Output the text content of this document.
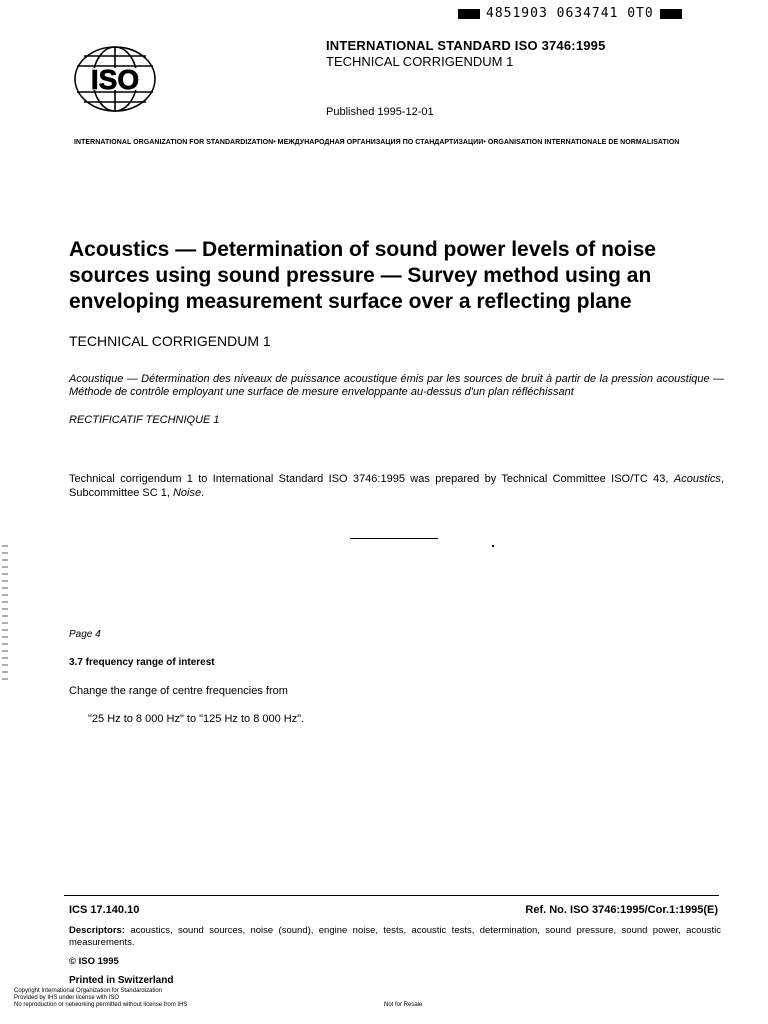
4851903 0634741 0T0
ISO
INTERNATIONAL STANDARD ISO 3746:1995
TECHNICAL CORRIGENDUM 1
Published 1995-12-01
INTERNATIONAL ORGANIZATION FOR STANDARDIZATION• МЕЖДУНАРОДНАЯ ОРГАНИЗАЦИЯ ПО СТАНДАРТИЗАЦИИ• ORGANISATION INTERNATIONALE DE NORMALISATION
Acoustics — Determination of sound power levels of noise
sources using sound pressure — Survey method using an
enveloping measurement surface over a reflecting plane
TECHNICAL CORRIGENDUM 1
Acoustique — Détermination des niveaux de puissance acoustique émis par les sources de bruit à partir de la pression acoustique — Méthode de contrôle employant une surface de mesure enveloppante au-dessus d'un plan réfléchissant
RECTIFICATIF TECHNIQUE 1
Technical corrigendum 1 to International Standard ISO 3746:1995 was prepared by Technical Committee ISO/TC 43, Acoustics, Subcommittee SC 1, Noise.
Page 4
3.7 frequency range of interest
Change the range of centre frequencies from
"25 Hz to 8 000 Hz" to "125 Hz to 8 000 Hz".
ICS 17.140.10	Ref. No. ISO 3746:1995/Cor.1:1995(E)
Descriptors: acoustics, sound sources, noise (sound), engine noise, tests, acoustic tests, determination, sound pressure, sound power, acoustic measurements.
© ISO 1995
Printed in Switzerland
Copyright International Organization for Standardization
Provided by IHS under license with ISO
No reproduction or networking permitted without license from IHS	Not for Resale
